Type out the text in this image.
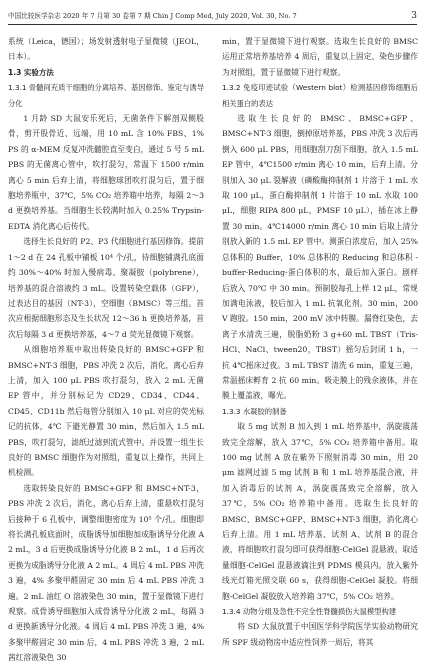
中国比较医学杂志 2020 年 7 月第 30 卷第 7 期 Chin J Comp Med, July 2020, Vol. 30, No. 7	3

系统（Leica，德国）；场发射透射电子显微镜（JEOL，日本）。

1.3 实验方法

1.3.1 骨髓间充质干细胞的分离培养、基因修饰、鉴定与诱导分化

1 月龄 SD 大鼠安乐死后，无菌条件下解剖双侧股骨，剪开股骨近、远端，用 10 mL 含 10% FBS、1% PS 的 α-MEM 反复冲洗髓腔直至变白，通过 5 号 5 mL PBS 的无菌离心管中，吹打混匀，常温下 1500 r/min 离心 5 min 后弃上清，将细胞球团吹打混匀后，置于细胞培养瓶中，37℃，5% CO₂ 培养箱中培养，每隔 2～3 d 更换培养基。当细胞生长较满时加入 0.25% Trypsin-EDTA 消化离心后传代。

选择生长良好的 P2、P3 代细胞进行基因修饰。提前 1～2 d 在 24 孔板中铺板 10⁴ 个/孔，待细胞铺满孔底面约 30%～40% 时加入慢病毒、聚凝胺（polybrene），培养基的混合溶液约 3 mL。设置转染空载体（GFP），过表达目的基因（NT-3），空细胞（BMSC）等三组。首次应根据细胞形态及生长状况 12～36 h 更换培养基，首次后每隔 3 d 更换培养基，4～7 d 荧光显微镜下观察。

从细胞培养瓶中取出转染良好的 BMSC+GFP 和 BMSC+NT-3 细胞，PBS 冲洗 2 次后，消化，离心后弃上清，加入 100 μL PBS 吹打混匀，放入 2 mL 无菌 EP 管中，并分别标记为 CD29、CD34、CD44、CD45、CD11b 然后每管分别加入 10 μL 对应的荧光标记的抗体，4℃ 下避光静置 30 min，然后加入 1.5 mL PBS，吹打混匀，滤纸过滤到流式管中。并设置一组生长良好的 BMSC 细胞作为对照组，重复以上操作，共同上机检测。

选取转染良好的 BMSC+GFP 和 BMSC+NT-3，PBS 冲洗 2 次后，消化，离心后弃上清，重悬吹打混匀后接种于 6 孔板中，调整细胞密度为 10⁵ 个/孔。细胞即将长满孔板底面时，成脂诱导加细胞加成脂诱导分化液 A 2 mL，3 d 后更换成脂诱导分化液 B 2 mL，1 d 后再次更换为成脂诱导分化液 A 2 mL。4 周后 4 mL PBS 冲洗 3 遍，4% 多聚甲醛固定 30 min 后 4 mL PBS 冲洗 3 遍。2 mL 油红 O 溶液染色 30 min，置于显微镜下进行观察。成骨诱导细胞加入成骨诱导分化液 2 mL，每隔 3 d 更换新诱导分化液。4 周后 4 mL PBS 冲洗 3 遍，4% 多聚甲醛固定 30 min 后，4 mL PBS 冲洗 3 遍，2 mL 茜红溶液染色 30

min，置于显微镜下进行观察。选取生长良好的 BMSC 运用正常培养基培养 4 周后，重复以上固定、染色步骤作为对照组，置于显微镜下进行观察。

1.3.2 免疫印迹试验（Western blot）检测基因修饰细胞后相关蛋白的表达

选取生长良好的 BMSC、BMSC+GFP、BMSC+NT-3 细胞，倒掉原培养基，PBS 冲洗 3 次后再倒入 600 μL PBS，用细胞刮刀刮下细胞，放入 1.5 mL EP 管中，4℃1500 r/min 离心 10 min，后弃上清。分别加入 30 μL 裂解液（磷酸酶抑制剂 1 片溶于 1 mL 水取 100 μL，蛋白酶抑制剂 1 片溶于 10 mL 水取 100 μL，细胞 RIPA 800 μL，PMSF 10 μL），插在冰上静置 30 min。4℃14000 r/min 离心 10 min 后取上清分别放入新的 1.5 mL EP 管中。测蛋白浓度后，加入 25% 总体积的 Buffer，10% 总体积的 Reducing 和总体积 -buffer-Reducing-蛋白体积的水，最后加入蛋白。剧样后放入 70℃ 中 30 min。预制胶每孔上样 12 μL，常规加满电泳液，胶后加入 1 mL 抗氧化剂。30 min，200 V 跑胶。150 min，200 mV 冰中转膜。漏脊红染色，去离子水清洗三遍，脱脂奶粉 3 g+60 mL TBST（Tris-HCl、NaCl、tween20，TBST）摇匀后封闭 1 h，一抗 4℃摇床过夜。3 mL TBST 清洗 6 min，重复三遍，常温摇床孵育 2 抗 60 min。吸走膜上的残余液体，并在膜上覆盖液，曝光。

1.3.3 水凝胶的制备

取 5 mg 试剂 B 加入到 1 mL 培养基中，涡旋震荡致完全溶解，放入 37℃，5% CO₂ 培养箱中备用。取 100 mg 试剂 A 放在紫外下照射消毒 30 min，用 20 μm 滤网过滤 5 mg 试剂 B 和 1 mL 培养基混合液，并加入消毒后的试剂 A，涡旋震荡致完全溶解，放入 37℃，5% CO₂ 培养箱中备用。选取生长良好的 BMSC、BMSC+GFP、BMSC+NT-3 细胞，消化离心后弃上清。用 1 mL 培养基、试剂 A、试剂 B 的混合液，将细胞吹打混匀即可获得细胞-CelGel 混悬液。取适量细胞-CelGel 混悬液滴注到 PDMS 模具内。放入紫外线光灯箱光照交联 60 s，获得细胞-CelGel 凝胶。将细胞-CelGel 凝胶放入培养箱 37℃，5% CO₂ 培养。

1.3.4 动物分组及急性不完全性脊髓损伤大鼠模型构建

将 SD 大鼠放置于中国医学科学院医学实验动物研究所 SPF 级动物房中适应性饲养一周后，将其
